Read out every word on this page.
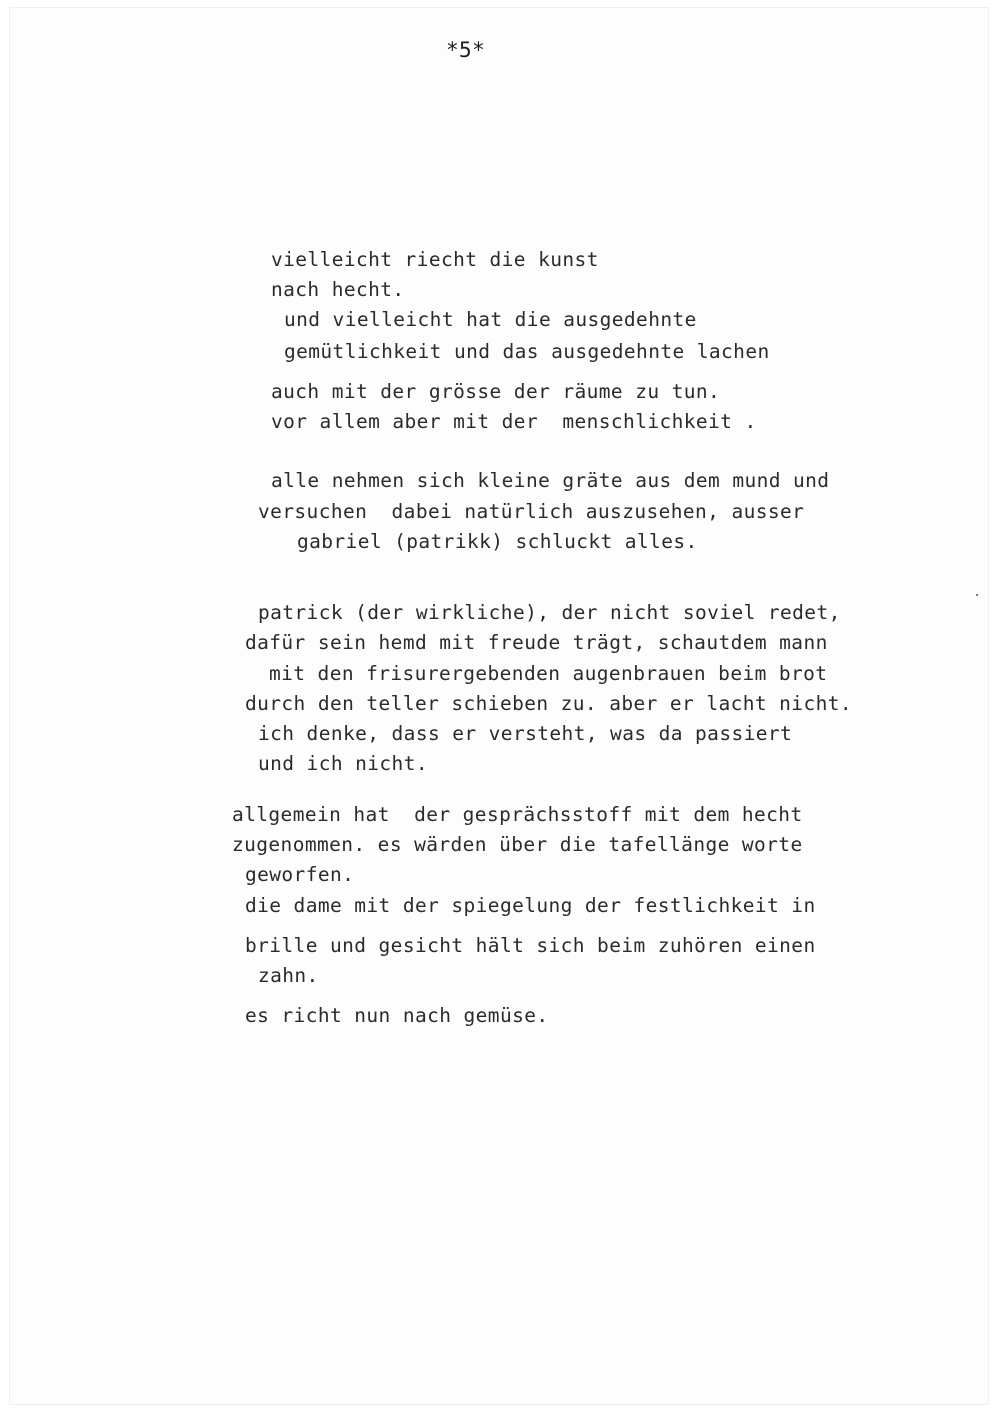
*5*
vielleicht riecht die kunst
nach hecht.
und vielleicht hat die ausgedehnte
gemütlichkeit und das ausgedehnte lachen
auch mit der grösse der räume zu tun.
vor allem aber mit der  menschlichkeit .
alle nehmen sich kleine gräte aus dem mund und
versuchen  dabei natürlich auszusehen, ausser
gabriel (patrikk) schluckt alles.
patrick (der wirkliche), der nicht soviel redet,
dafür sein hemd mit freude trägt, schautdem mann
mit den frisurergebenden augenbrauen beim brot
durch den teller schieben zu. aber er lacht nicht.
ich denke, dass er versteht, was da passiert
und ich nicht.
allgemein hat  der gesprächsstoff mit dem hecht
zugenommen. es wärden über die tafellänge worte
geworfen.
die dame mit der spiegelung der festlichkeit in
brille und gesicht hält sich beim zuhören einen
zahn.
es richt nun nach gemüse.
